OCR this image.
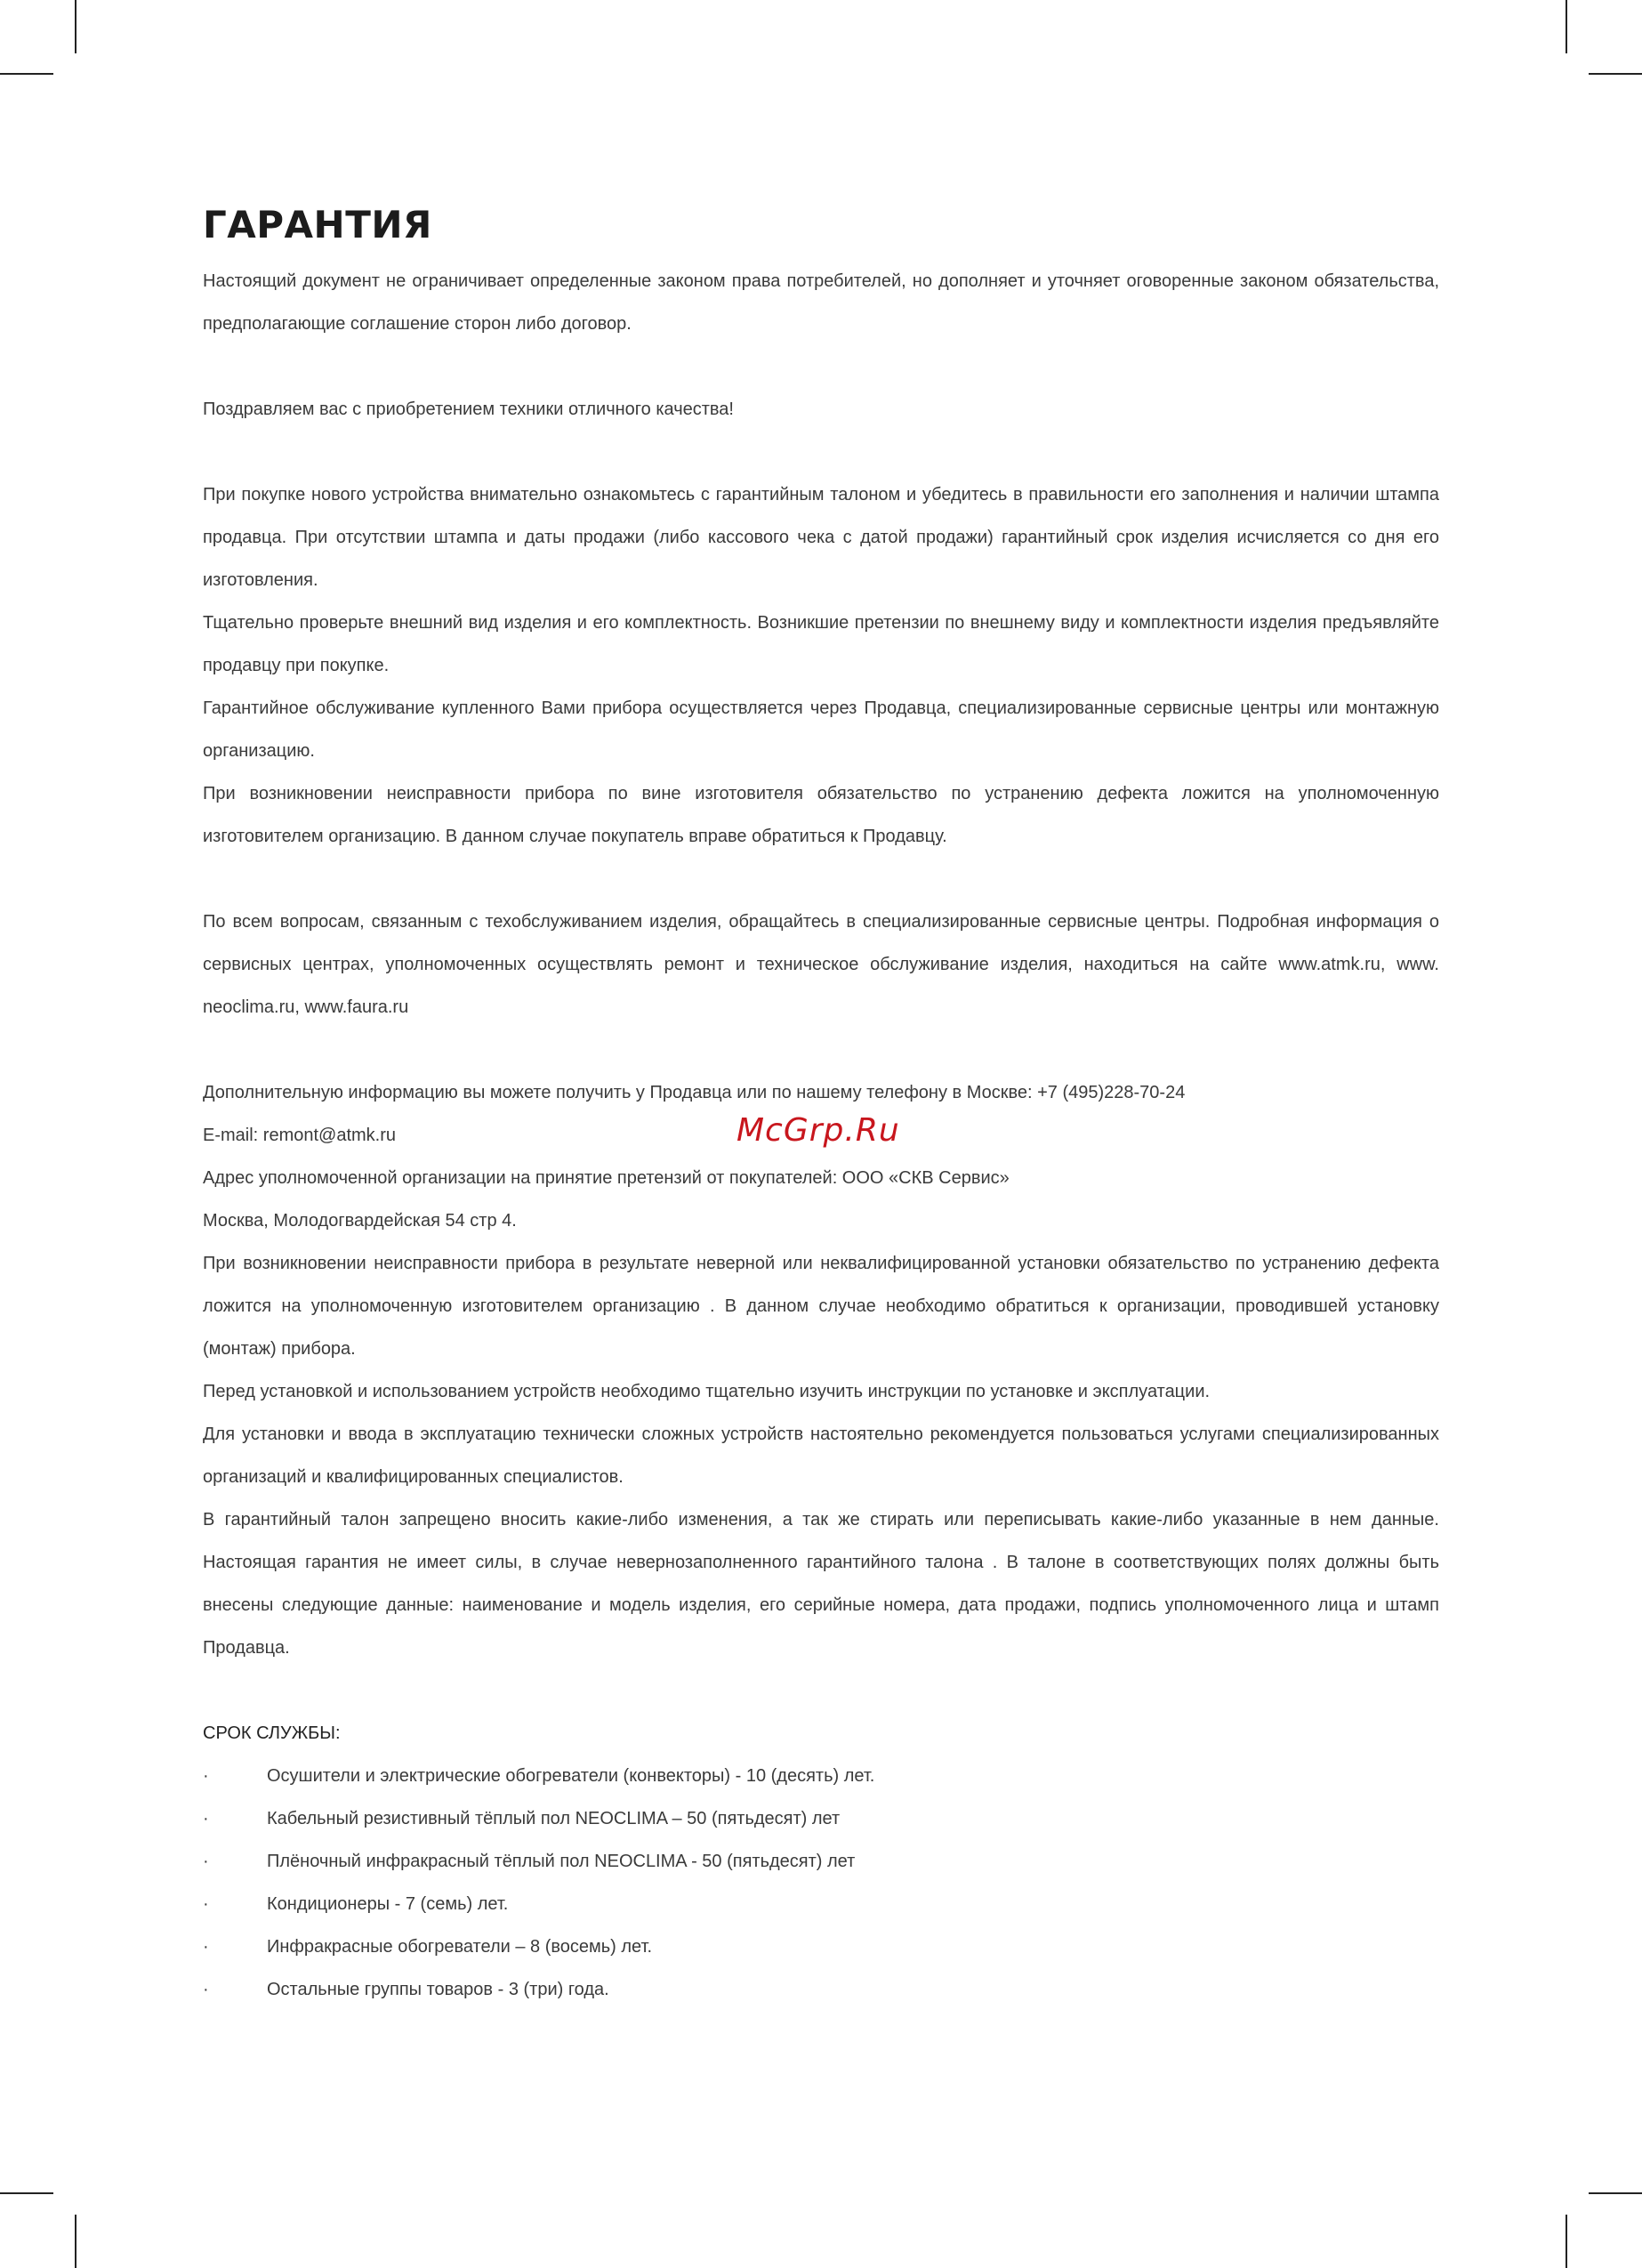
ГАРАНТИЯ

Настоящий документ не ограничивает определенные законом права потребителей, но дополняет и уточняет оговоренные законом обязательства, предполагающие соглашение сторон либо договор.

Поздравляем вас с приобретением техники отличного качества!

При покупке нового устройства внимательно ознакомьтесь с гарантийным талоном и убедитесь в правильности его заполнения и наличии штампа продавца. При отсутствии штампа и даты продажи (либо кассового чека с датой продажи) гарантийный срок изделия исчисляется со дня его изготовления.

Тщательно проверьте внешний вид изделия и его комплектность. Возникшие претензии по внешнему виду и комплектности изделия предъявляйте продавцу при покупке.

Гарантийное обслуживание купленного Вами прибора осуществляется через Продавца, специализированные сервисные центры или монтажную организацию.

При возникновении неисправности прибора по вине изготовителя обязательство по устранению дефекта ложится на уполномоченную изготовителем организацию. В данном случае покупатель вправе обратиться к Продавцу.

По всем вопросам, связанным с техобслуживанием изделия, обращайтесь в специализированные сервисные центры. Подробная информация о сервисных центрах, уполномоченных осуществлять ремонт и техническое обслуживание изделия, находиться на сайте www.atmk.ru, www. neoclima.ru, www.faura.ru

Дополнительную информацию вы можете получить у Продавца или по нашему телефону в Москве: +7 (495)228-70-24

E-mail: remont@atmk.ru

Адрес уполномоченной организации на принятие претензий от покупателей: ООО «СКВ Сервис»

Москва, Молодогвардейская 54 стр 4.

При возникновении неисправности прибора в результате неверной или неквалифицированной установки обязательство по устранению дефекта ложится на уполномоченную изготовителем организацию . В данном случае необходимо обратиться к организации, проводившей установку (монтаж) прибора.

Перед установкой и использованием устройств необходимо тщательно изучить инструкции по установке и эксплуатации.

Для установки и ввода в эксплуатацию технически сложных устройств настоятельно рекомендуется пользоваться услугами специализированных организаций и квалифицированных специалистов.

В гарантийный талон запрещено вносить какие-либо изменения, а так же стирать или переписывать какие-либо указанные в нем данные. Настоящая гарантия не имеет силы, в случае невернозаполненного гарантийного талона . В талоне в соответствующих полях должны быть внесены следующие данные: наименование и модель изделия, его серийные номера, дата продажи, подпись уполномоченного лица и штамп Продавца.

СРОК СЛУЖБЫ:

·	Осушители и электрические обогреватели (конвекторы) - 10 (десять) лет.
·	Кабельный резистивный тёплый пол NEOCLIMA – 50 (пятьдесят) лет
·	Плёночный инфракрасный тёплый пол NEOCLIMA - 50 (пятьдесят) лет
·	Кондиционеры - 7 (семь) лет.
·	Инфракрасные обогреватели – 8 (восемь) лет.
·	Остальные группы товаров - 3 (три) года.
McGrp.Ru
